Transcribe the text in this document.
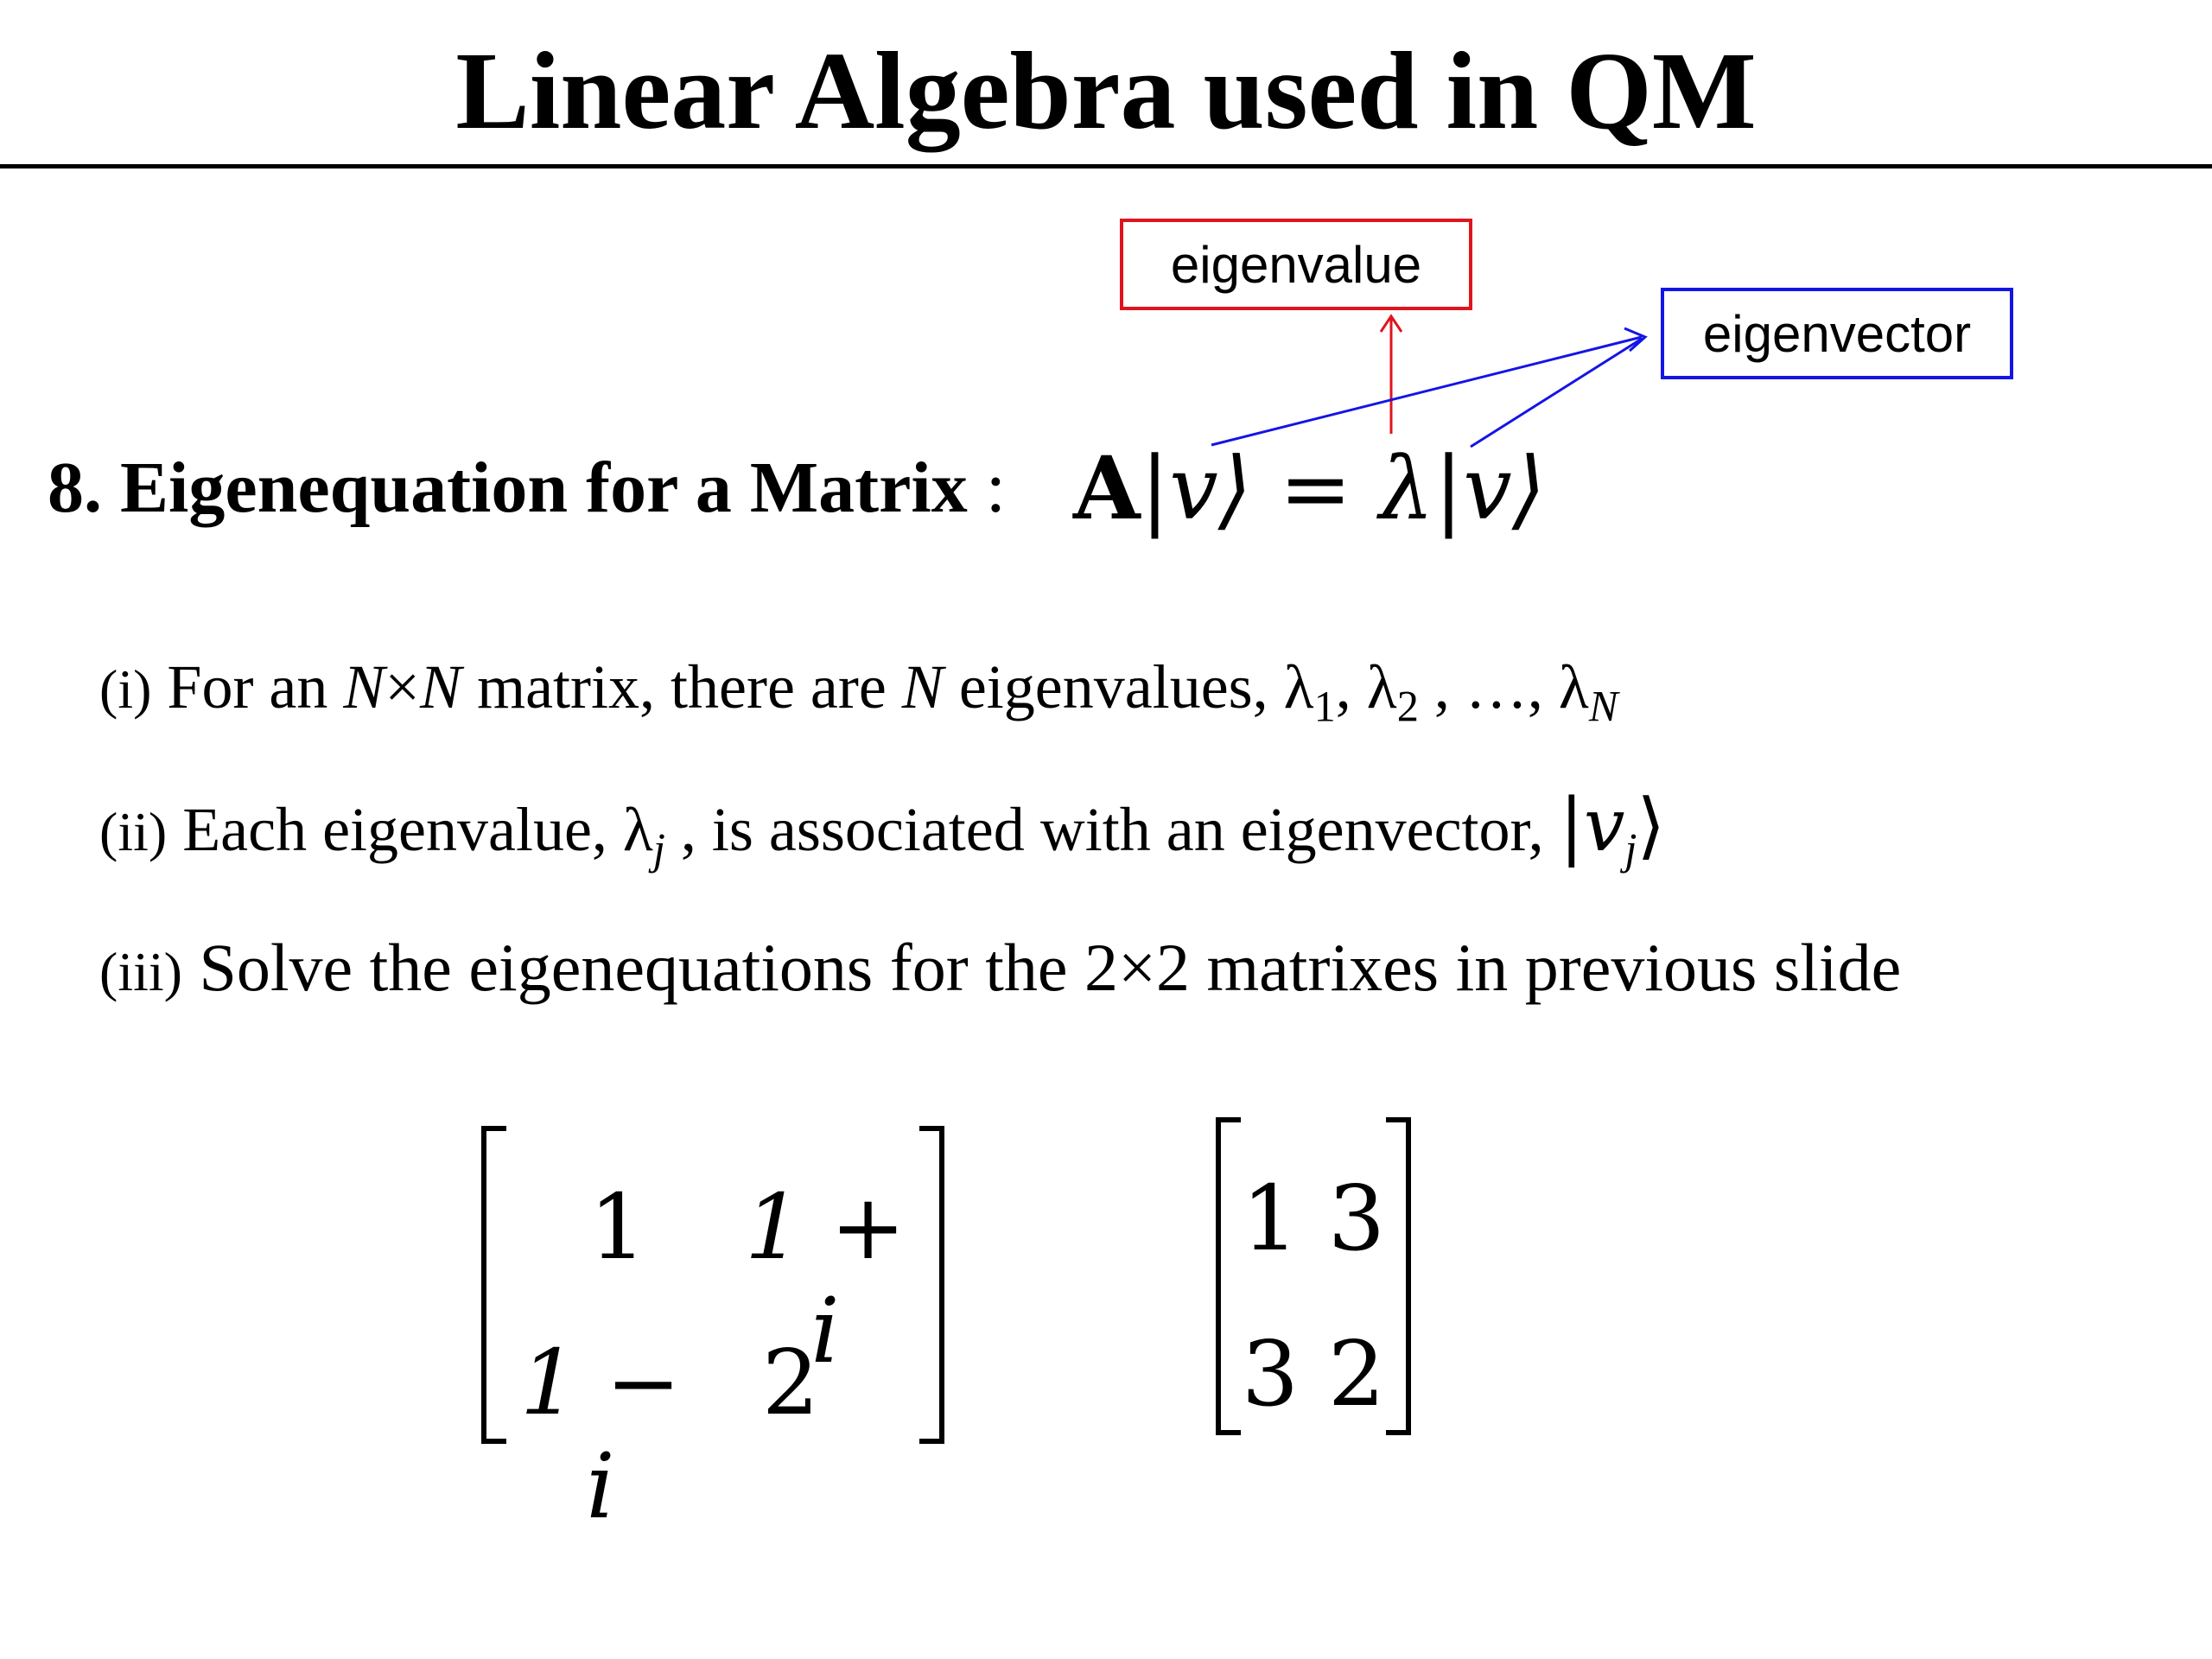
Linear Algebra used in QM
eigenvalue
eigenvector
8. Eigenequation for a Matrix : A|v⟩ = λ|v⟩
(i) For an N×N matrix, there are N eigenvalues, $\lambda_1$, $\lambda_2$ , …, $\lambda_N$
(ii) Each eigenvalue, $\lambda_j$ , is associated with an eigenvector, $|v_j⟩$
(iii) Solve the eigenequations for the 2×2 matrixes in previous slide
1	1 + i
1 − i
2
1 3
3 2
